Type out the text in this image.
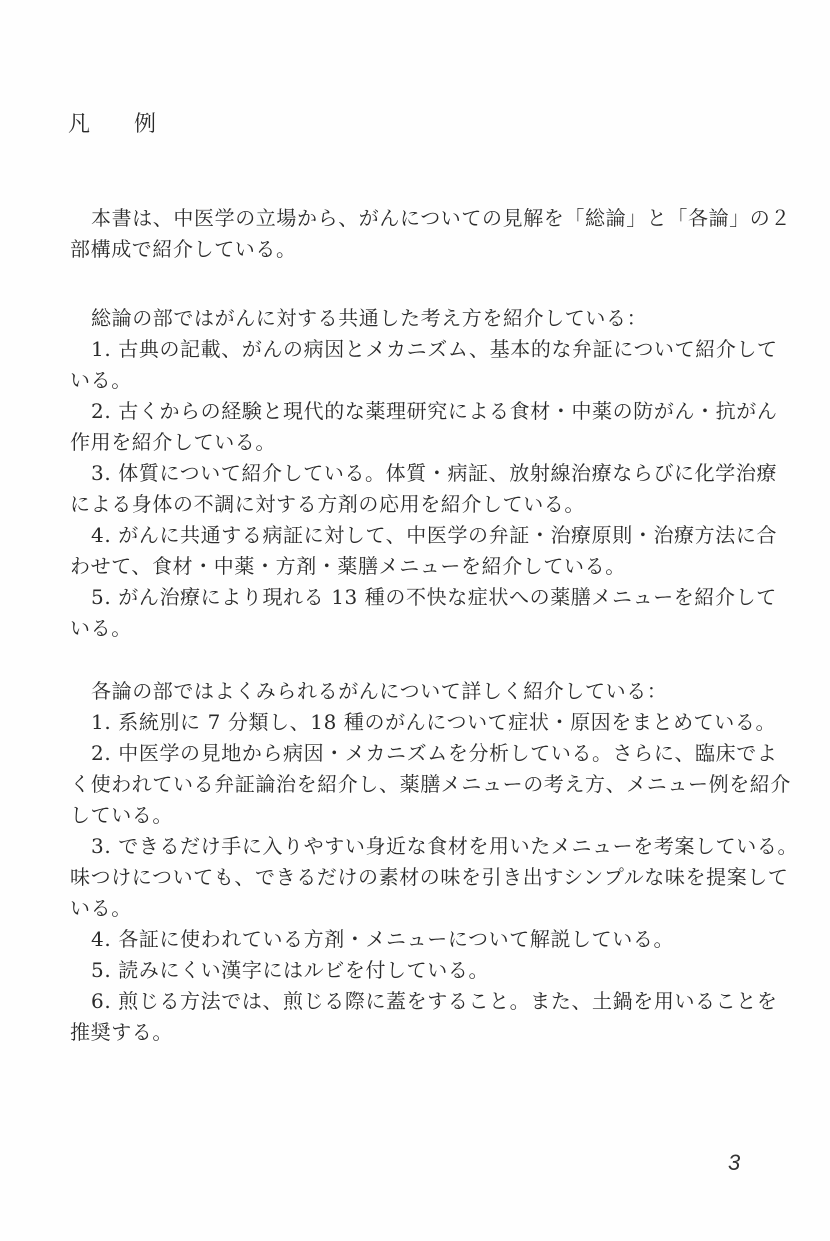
凡 例
本書は、中医学の立場から、がんについての見解を「総論」と「各論」の２
部構成で紹介している。
総論の部ではがんに対する共通した考え方を紹介している：
1. 古典の記載、がんの病因とメカニズム、基本的な弁証について紹介して
いる。
2. 古くからの経験と現代的な薬理研究による食材・中薬の防がん・抗がん
作用を紹介している。
3. 体質について紹介している。体質・病証、放射線治療ならびに化学治療
による身体の不調に対する方剤の応用を紹介している。
4. がんに共通する病証に対して、中医学の弁証・治療原則・治療方法に合
わせて、食材・中薬・方剤・薬膳メニューを紹介している。
5. がん治療により現れる 13 種の不快な症状への薬膳メニューを紹介して
いる。
各論の部ではよくみられるがんについて詳しく紹介している：
1. 系統別に 7 分類し、18 種のがんについて症状・原因をまとめている。
2. 中医学の見地から病因・メカニズムを分析している。さらに、臨床でよ
く使われている弁証論治を紹介し、薬膳メニューの考え方、メニュー例を紹介
している。
3. できるだけ手に入りやすい身近な食材を用いたメニューを考案している。
味つけについても、できるだけの素材の味を引き出すシンプルな味を提案して
いる。
4. 各証に使われている方剤・メニューについて解説している。
5. 読みにくい漢字にはルビを付している。
6. 煎じる方法では、煎じる際に蓋をすること。また、土鍋を用いることを
推奨する。
3
